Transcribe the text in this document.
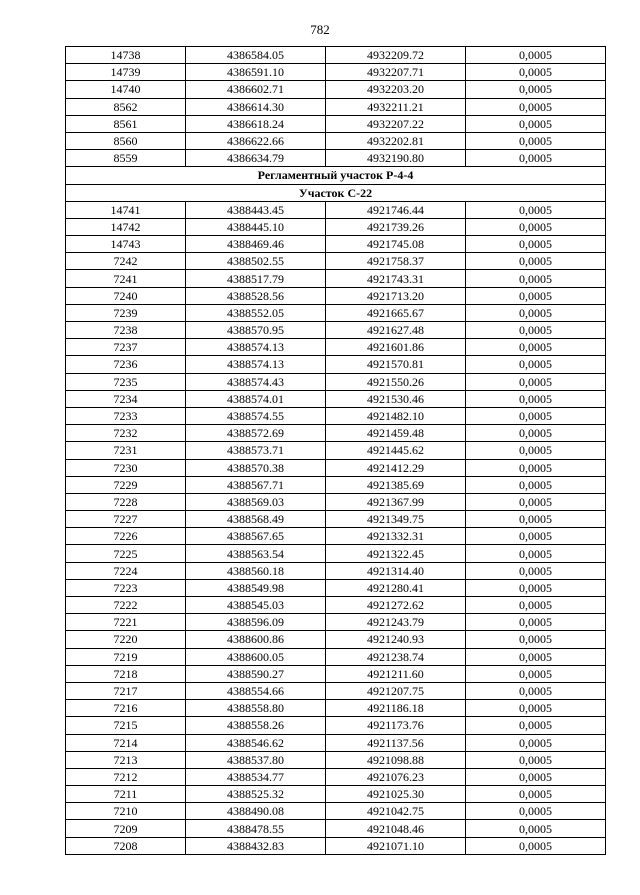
782
14738	4386584.05	4932209.72	0,0005
14739	4386591.10	4932207.71	0,0005
14740	4386602.71	4932203.20	0,0005
8562	4386614.30	4932211.21	0,0005
8561	4386618.24	4932207.22	0,0005
8560	4386622.66	4932202.81	0,0005
8559	4386634.79	4932190.80	0,0005
Регламентный участок Р-4-4			
Участок С-22			
14741	4388443.45	4921746.44	0,0005
14742	4388445.10	4921739.26	0,0005
14743	4388469.46	4921745.08	0,0005
7242	4388502.55	4921758.37	0,0005
7241	4388517.79	4921743.31	0,0005
7240	4388528.56	4921713.20	0,0005
7239	4388552.05	4921665.67	0,0005
7238	4388570.95	4921627.48	0,0005
7237	4388574.13	4921601.86	0,0005
7236	4388574.13	4921570.81	0,0005
7235	4388574.43	4921550.26	0,0005
7234	4388574.01	4921530.46	0,0005
7233	4388574.55	4921482.10	0,0005
7232	4388572.69	4921459.48	0,0005
7231	4388573.71	4921445.62	0,0005
7230	4388570.38	4921412.29	0,0005
7229	4388567.71	4921385.69	0,0005
7228	4388569.03	4921367.99	0,0005
7227	4388568.49	4921349.75	0,0005
7226	4388567.65	4921332.31	0,0005
7225	4388563.54	4921322.45	0,0005
7224	4388560.18	4921314.40	0,0005
7223	4388549.98	4921280.41	0,0005
7222	4388545.03	4921272.62	0,0005
7221	4388596.09	4921243.79	0,0005
7220	4388600.86	4921240.93	0,0005
7219	4388600.05	4921238.74	0,0005
7218	4388590.27	4921211.60	0,0005
7217	4388554.66	4921207.75	0,0005
7216	4388558.80	4921186.18	0,0005
7215	4388558.26	4921173.76	0,0005
7214	4388546.62	4921137.56	0,0005
7213	4388537.80	4921098.88	0,0005
7212	4388534.77	4921076.23	0,0005
7211	4388525.32	4921025.30	0,0005
7210	4388490.08	4921042.75	0,0005
7209	4388478.55	4921048.46	0,0005
7208	4388432.83	4921071.10	0,0005
